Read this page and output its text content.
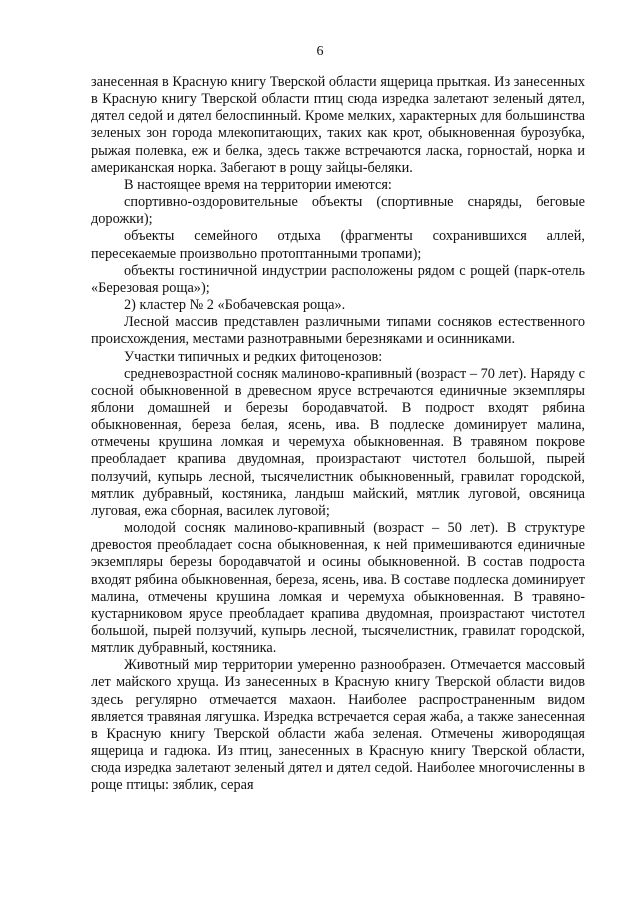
6

занесенная в Красную книгу Тверской области ящерица прыткая. Из занесенных в Красную книгу Тверской области птиц сюда изредка залетают зеленый дятел, дятел седой и дятел белоспинный. Кроме мелких, характерных для большинства зеленых зон города млекопитающих, таких как крот, обыкновенная бурозубка, рыжая полевка, еж и белка, здесь также встречаются ласка, горностай, норка и американская норка. Забегают в рощу зайцы-беляки.

В настоящее время на территории имеются:

спортивно-оздоровительные объекты (спортивные снаряды, беговые дорожки);

объекты семейного отдыха (фрагменты сохранившихся аллей, пересекаемые произвольно протоптанными тропами);

объекты гостиничной индустрии расположены рядом с рощей (парк-отель «Березовая роща»);

2) кластер № 2 «Бобачевская роща».

Лесной массив представлен различными типами сосняков естественного происхождения, местами разнотравными березняками и осинниками.

Участки типичных и редких фитоценозов:

средневозрастной сосняк малиново-крапивный (возраст – 70 лет). Наряду с сосной обыкновенной в древесном ярусе встречаются единичные экземпляры яблони домашней и березы бородавчатой. В подрост входят рябина обыкновенная, береза белая, ясень, ива. В подлеске доминирует малина, отмечены крушина ломкая и черемуха обыкновенная. В травяном покрове преобладает крапива двудомная, произрастают чистотел большой, пырей ползучий, купырь лесной, тысячелистник обыкновенный, гравилат городской, мятлик дубравный, костяника, ландыш майский, мятлик луговой, овсяница луговая, ежа сборная, василек луговой;

молодой сосняк малиново-крапивный (возраст – 50 лет). В структуре древостоя преобладает сосна обыкновенная, к ней примешиваются единичные экземпляры березы бородавчатой и осины обыкновенной. В состав подроста входят рябина обыкновенная, береза, ясень, ива. В составе подлеска доминирует малина, отмечены крушина ломкая и черемуха обыкновенная. В травяно-кустарниковом ярусе преобладает крапива двудомная, произрастают чистотел большой, пырей ползучий, купырь лесной, тысячелистник, гравилат городской, мятлик дубравный, костяника.

Животный мир территории умеренно разнообразен. Отмечается массовый лет майского хруща. Из занесенных в Красную книгу Тверской области видов здесь регулярно отмечается махаон. Наиболее распространенным видом является травяная лягушка. Изредка встречается серая жаба, а также занесенная в Красную книгу Тверской области жаба зеленая. Отмечены живородящая ящерица и гадюка. Из птиц, занесенных в Красную книгу Тверской области, сюда изредка залетают зеленый дятел и дятел седой. Наиболее многочисленны в роще птицы: зяблик, серая
